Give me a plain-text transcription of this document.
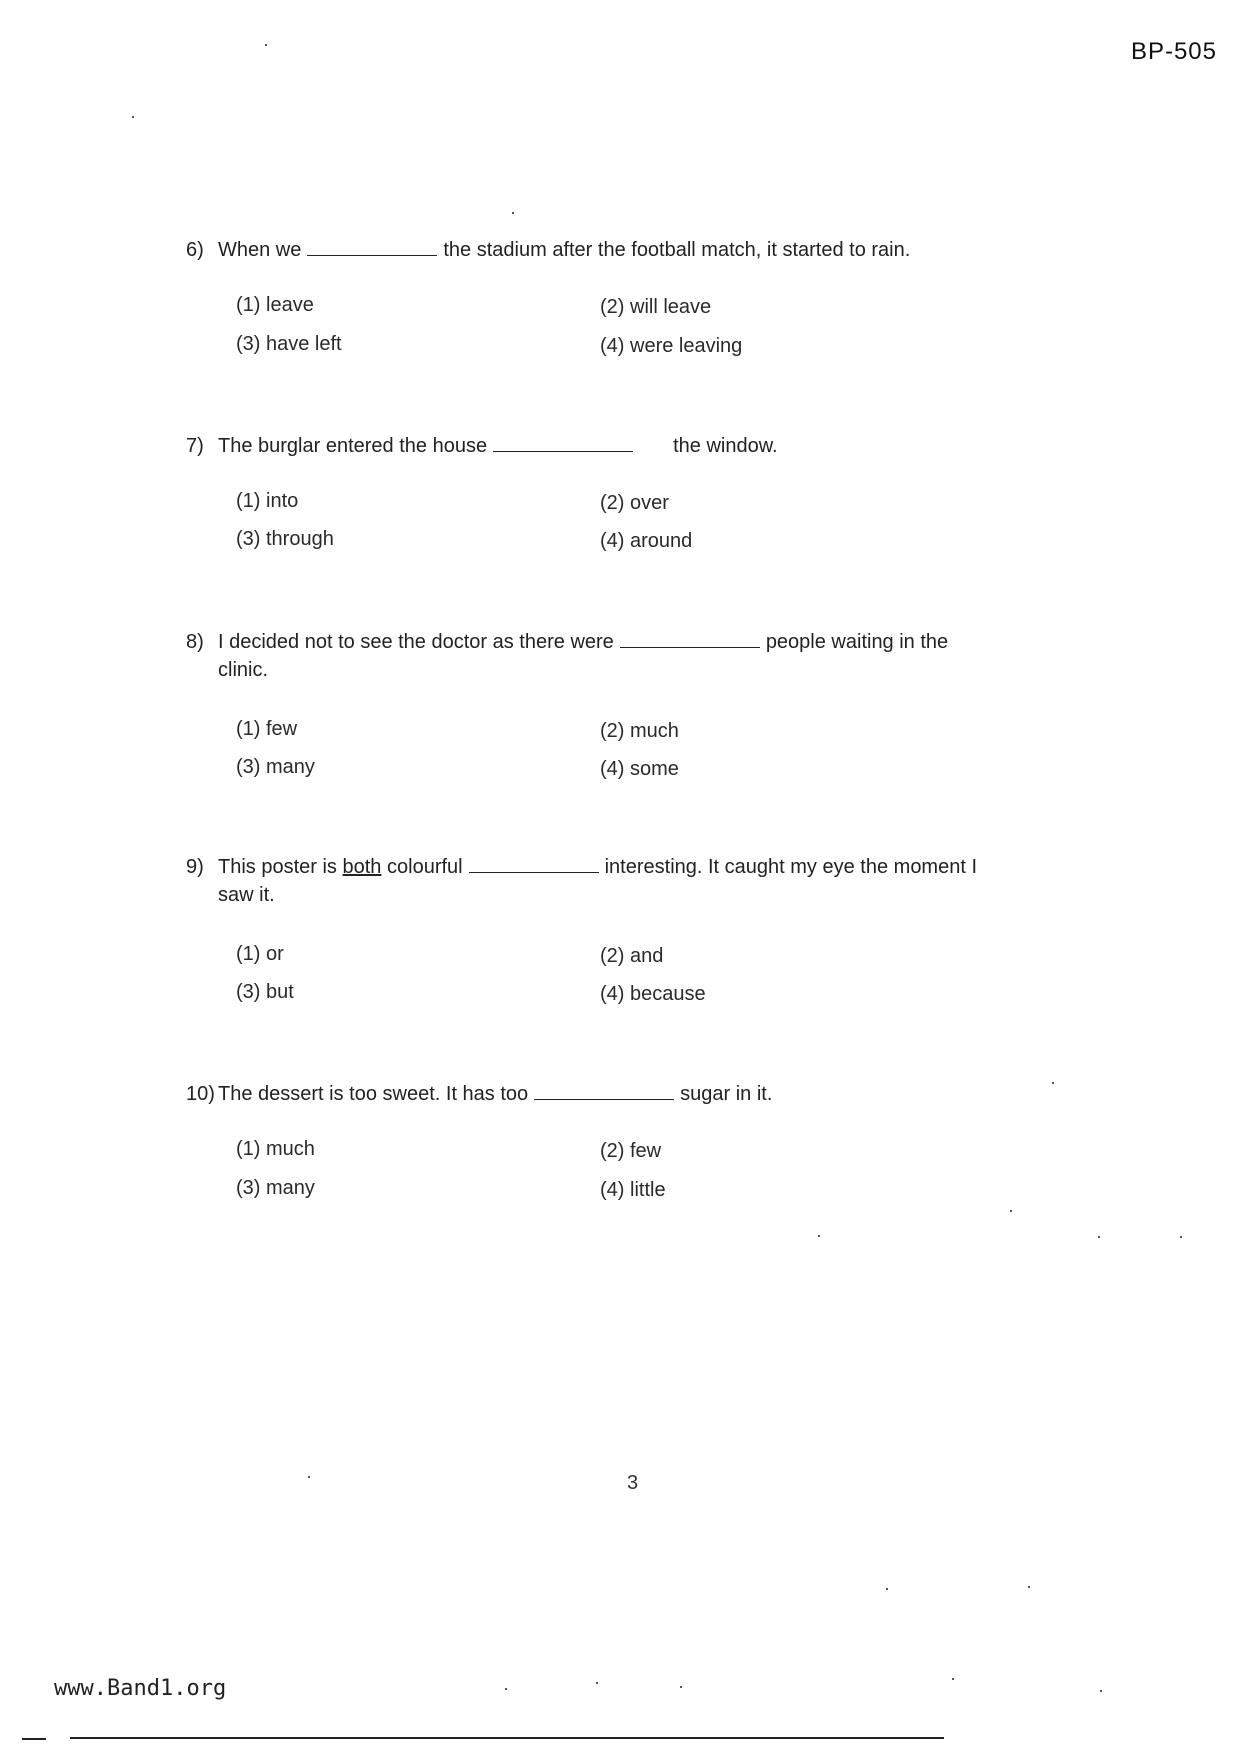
BP-505
6) When we	the stadium after the football match, it started to rain.
(1) leave	(2) will leave
(3) have left	(4) were leaving
7) The burglar entered the house	the window.
(1) into	(2) over
(3) through	(4) around
8) I decided not to see the doctor as there were	people waiting in the
clinic.
(1) few	(2) much
(3) many	(4) some
9) This poster is both colourful	interesting. It caught my eye the moment I
saw it.
(1) or	(2) and
(3) but	(4) because
10) The dessert is too sweet. It has too	sugar in it.
(1) much	(2) few
(3) many	(4) little
3
www.Band1.org
